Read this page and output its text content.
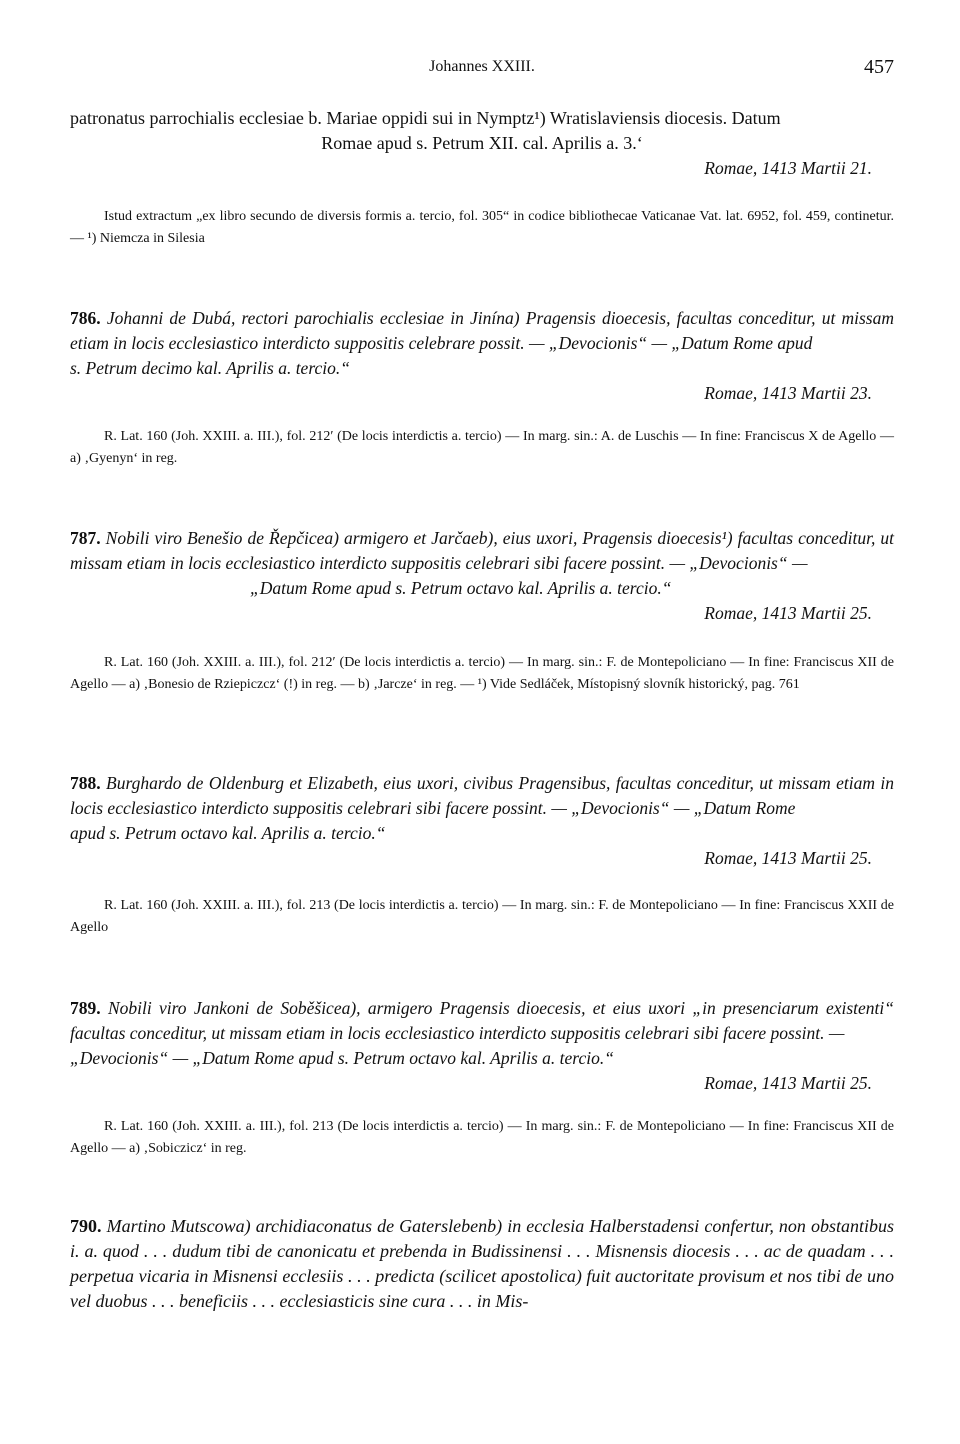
Johannes XXIII.	457

patronatus parrochialis ecclesiae b. Mariae oppidi sui in Nymptz¹) Wratislaviensis diocesis. Datum

Romae apud s. Petrum XII. cal. Aprilis a. 3.‘

Romae, 1413 Martii 21.

Istud extractum „ex libro secundo de diversis formis a. tercio, fol. 305“ in codice bibliothecae Vaticanae Vat. lat. 6952, fol. 459, continetur. — ¹) Niemcza in Silesia

786. Johanni de Dubá, rectori parochialis ecclesiae in Jinína) Pragensis dioecesis, facultas conceditur, ut missam etiam in locis ecclesiastico interdicto suppositis celebrare possit. — „Devocionis“ — „Datum Rome apud

s. Petrum decimo kal. Aprilis a. tercio.“

Romae, 1413 Martii 23.

R. Lat. 160 (Joh. XXIII. a. III.), fol. 212′ (De locis interdictis a. tercio) — In marg. sin.: A. de Luschis — In fine: Franciscus X de Agello — a) ‚Gyenyn‘ in reg.

787. Nobili viro Benešio de Řepčicea) armigero et Jarčaeb), eius uxori, Pragensis dioecesis¹) facultas conceditur, ut missam etiam in locis ecclesiastico interdicto suppositis celebrari sibi facere possint. — „Devocionis“ —

„Datum Rome apud s. Petrum octavo kal. Aprilis a. tercio.“

Romae, 1413 Martii 25.

R. Lat. 160 (Joh. XXIII. a. III.), fol. 212′ (De locis interdictis a. tercio) — In marg. sin.: F. de Montepoliciano — In fine: Franciscus XII de Agello — a) ‚Bonesio de Rziepiczcz‘ (!) in reg. — b) ‚Jarcze‘ in reg. — ¹) Vide Sedláček, Místopisný slovník historický, pag. 761

788. Burghardo de Oldenburg et Elizabeth, eius uxori, civibus Pragensibus, facultas conceditur, ut missam etiam in locis ecclesiastico interdicto suppositis celebrari sibi facere possint. — „Devocionis“ — „Datum Rome

apud s. Petrum octavo kal. Aprilis a. tercio.“

Romae, 1413 Martii 25.

R. Lat. 160 (Joh. XXIII. a. III.), fol. 213 (De locis interdictis a. tercio) — In marg. sin.: F. de Montepoliciano — In fine: Franciscus XXII de Agello

789. Nobili viro Jankoni de Soběšicea), armigero Pragensis dioecesis, et eius uxori „in presenciarum existenti“ facultas conceditur, ut missam etiam in locis ecclesiastico interdicto suppositis celebrari sibi facere possint. —

„Devocionis“ — „Datum Rome apud s. Petrum octavo kal. Aprilis a. tercio.“

Romae, 1413 Martii 25.

R. Lat. 160 (Joh. XXIII. a. III.), fol. 213 (De locis interdictis a. tercio) — In marg. sin.: F. de Montepoliciano — In fine: Franciscus XII de Agello — a) ‚Sobiczicz‘ in reg.

790. Martino Mutscowa) archidiaconatus de Gaterslebenb) in ecclesia Halberstadensi confertur, non obstantibus i. a. quod . . . dudum tibi de canonicatu et prebenda in Budissinensi . . . Misnensis diocesis . . . ac de quadam . . . perpetua vicaria in Misnensi ecclesiis . . . predicta (scilicet apostolica) fuit auctoritate provisum et nos tibi de uno vel duobus . . . beneficiis . . . ecclesiasticis sine cura . . . in Mis-
